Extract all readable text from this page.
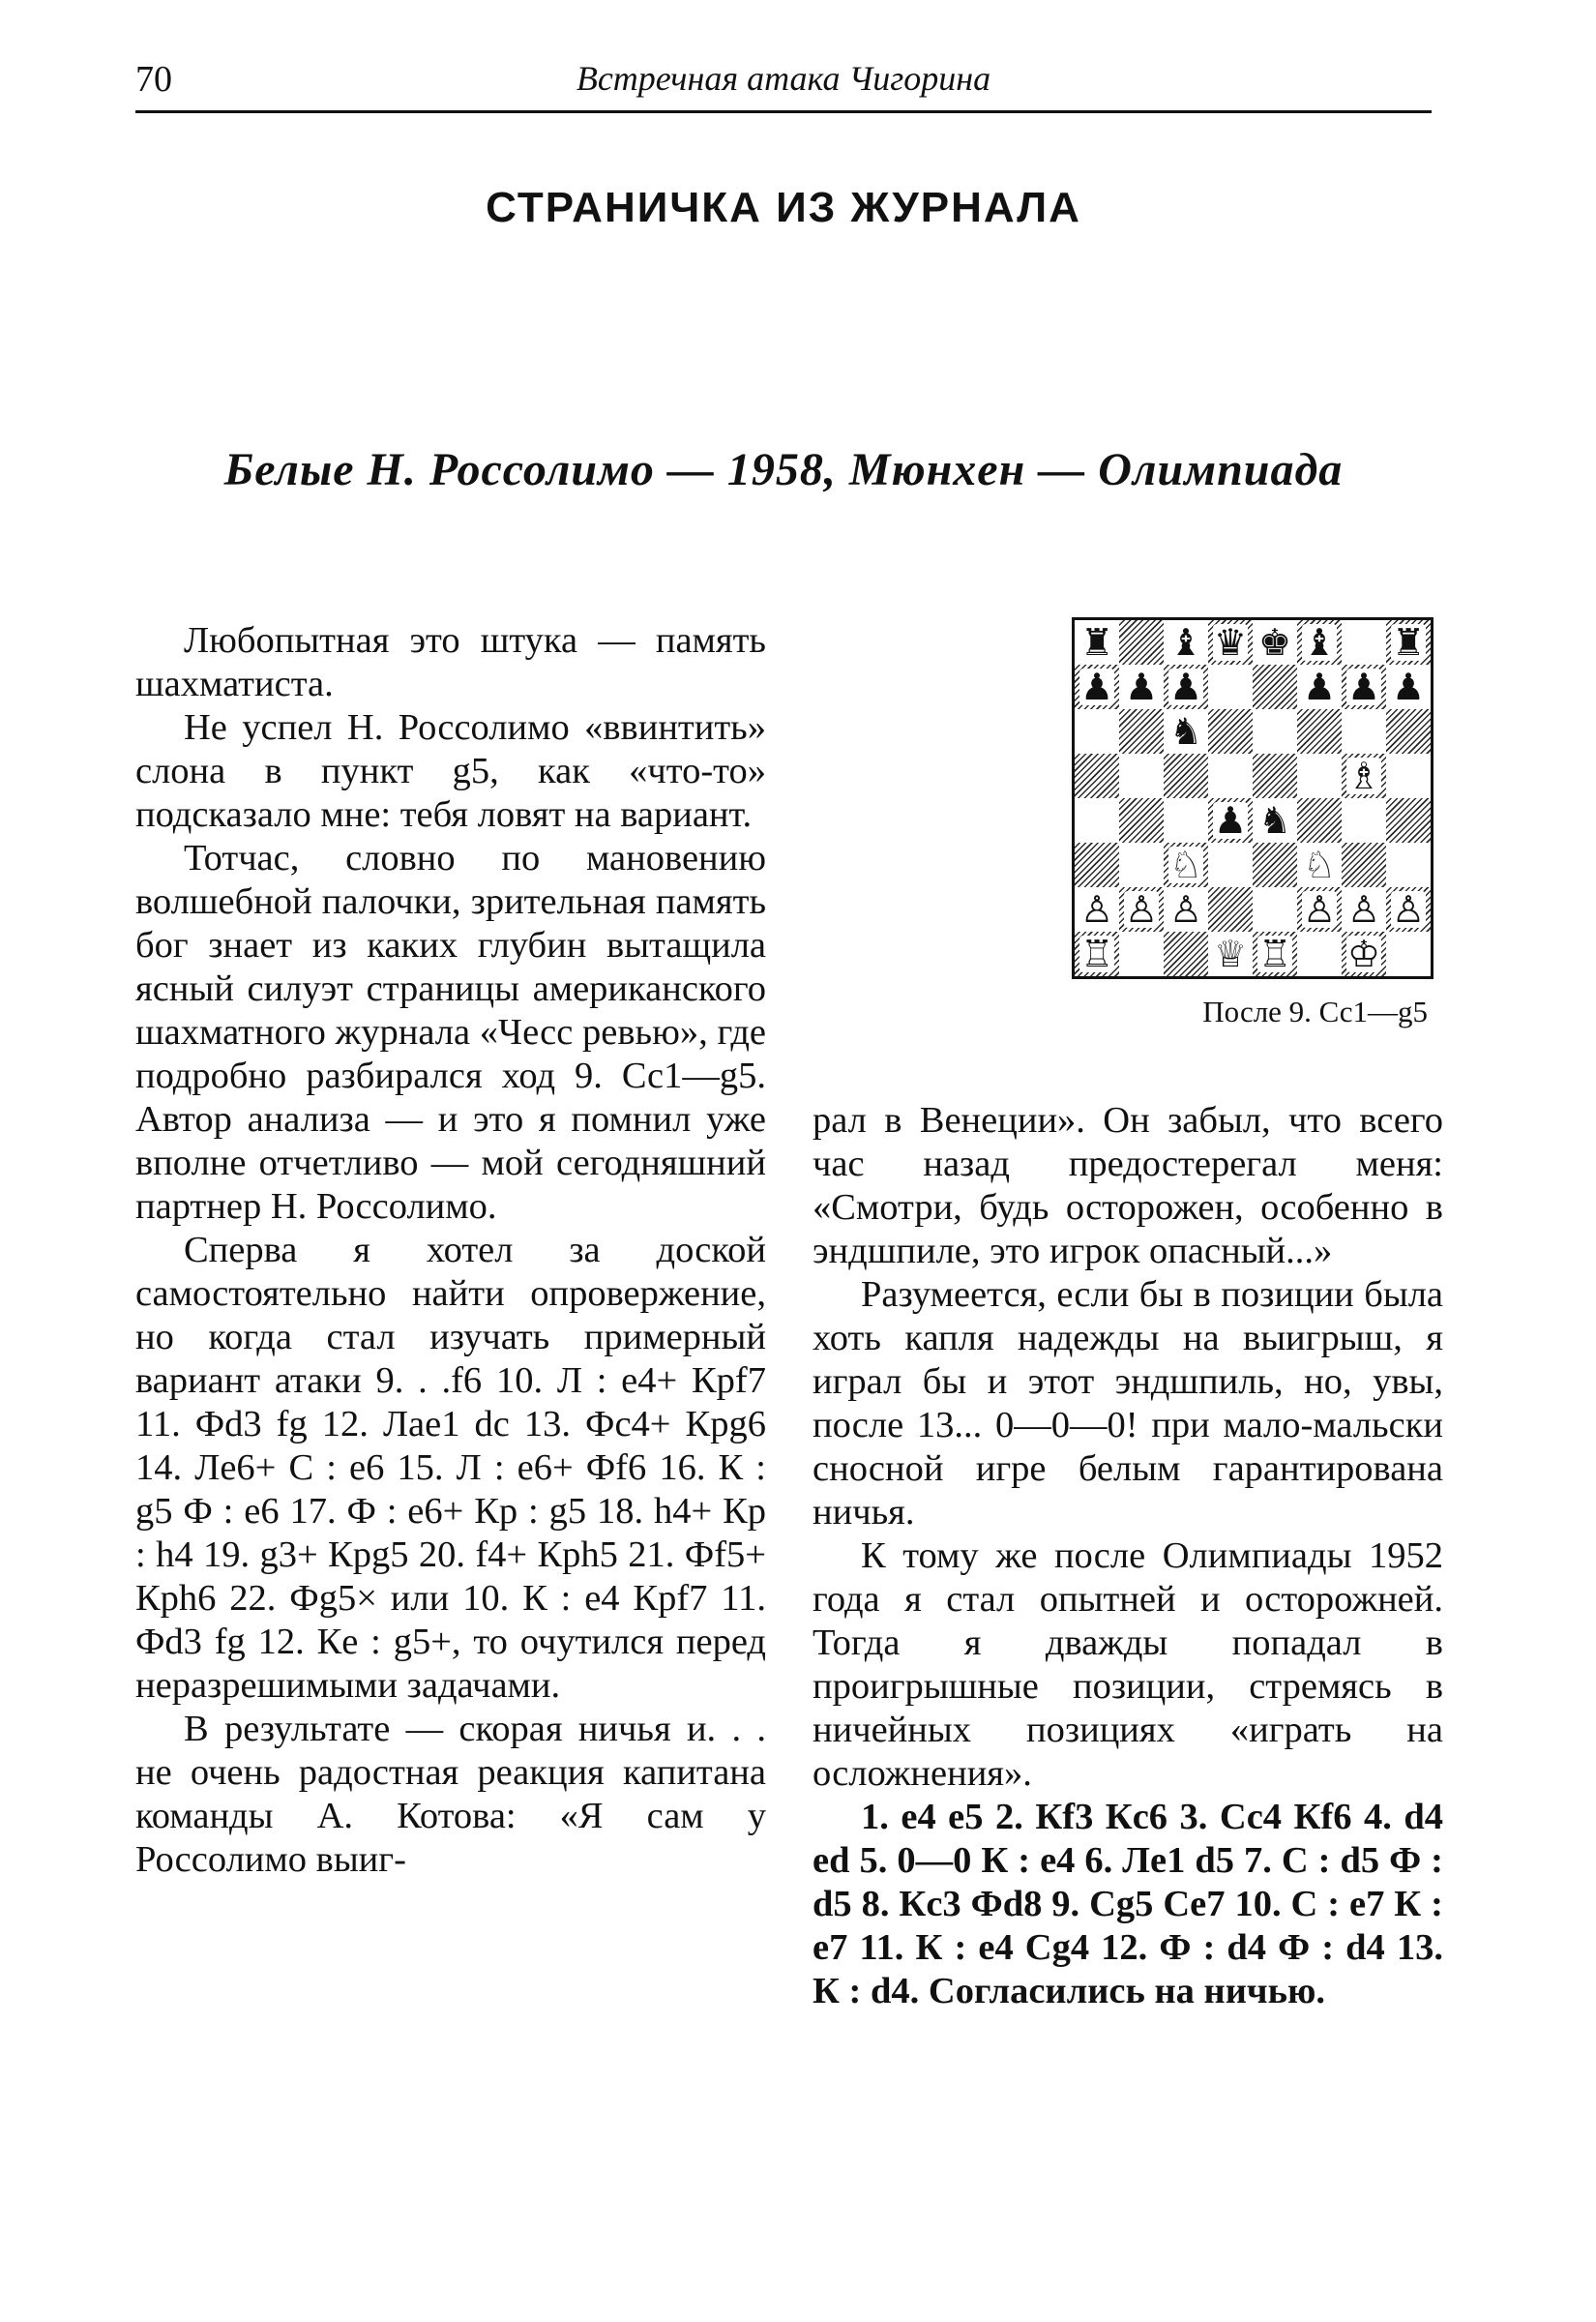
70	Встречная атака Чигорина
СТРАНИЧКА ИЗ ЖУРНАЛА
Белые Н. Россолимо — 1958, Мюнхен — Олимпиада

Любопытная это штука — память шахматиста.

Не успел Н. Россолимо «ввинтить» слона в пункт g5, как «что-то» подсказало мне: тебя ловят на вариант.

Тотчас, словно по мановению волшебной палочки, зрительная память бог знает из каких глубин вытащила ясный силуэт страницы американского шахматного журнала «Чесс ревью», где подробно разбирался ход 9. Сс1—g5. Автор анализа — и это я помнил уже вполне отчетливо — мой сегодняшний партнер Н. Россолимо.

Сперва я хотел за доской самостоятельно найти опровержение, но когда стал изучать примерный вариант атаки 9. . .f6 10. Л : e4+ Крf7 11. Фd3 fg 12. Лae1 dc 13. Фс4+ Крg6 14. Лe6+ С : e6 15. Л : e6+ Фf6 16. К : g5 Ф : e6 17. Ф : e6+ Кр : g5 18. h4+ Кр : h4 19. g3+ Крg5 20. f4+ Крh5 21. Фf5+ Крh6 22. Фg5× или 10. К : e4 Крf7 11. Фd3 fg 12. Кe : g5+, то очутился перед неразрешимыми задачами.

В результате — скорая ничья и. . . не очень радостная реакция капитана команды А. Котова: «Я сам у Россолимо выиг-

♜ ♝ ♛ ♚ ♝ ♜
♟ ♟ ♟	♟ ♟ ♟
♞
♗
♟ ♞
♘	♘
♙ ♙ ♙	♙ ♙ ♙
♖	♕ ♖ ♔
После 9. Сс1—g5

рал в Венеции». Он забыл, что всего час назад предостерегал меня: «Смотри, будь осторожен, особенно в эндшпиле, это игрок опасный...»

Разумеется, если бы в позиции была хоть капля надежды на выигрыш, я играл бы и этот эндшпиль, но, увы, после 13... 0—0—0! при мало-мальски сносной игре белым гарантирована ничья.

К тому же после Олимпиады 1952 года я стал опытней и осторожней. Тогда я дважды попадал в проигрышные позиции, стремясь в ничейных позициях «играть на осложнения».

1. e4 e5 2. Кf3 Кc6 3. Сc4 Кf6 4. d4 ed 5. 0—0 К : e4 6. Лe1 d5 7. С : d5 Ф : d5 8. Кc3 Фd8 9. Сg5 Сe7 10. С : e7 К : e7 11. К : e4 Сg4 12. Ф : d4 Ф : d4 13. К : d4. Согласились на ничью.
